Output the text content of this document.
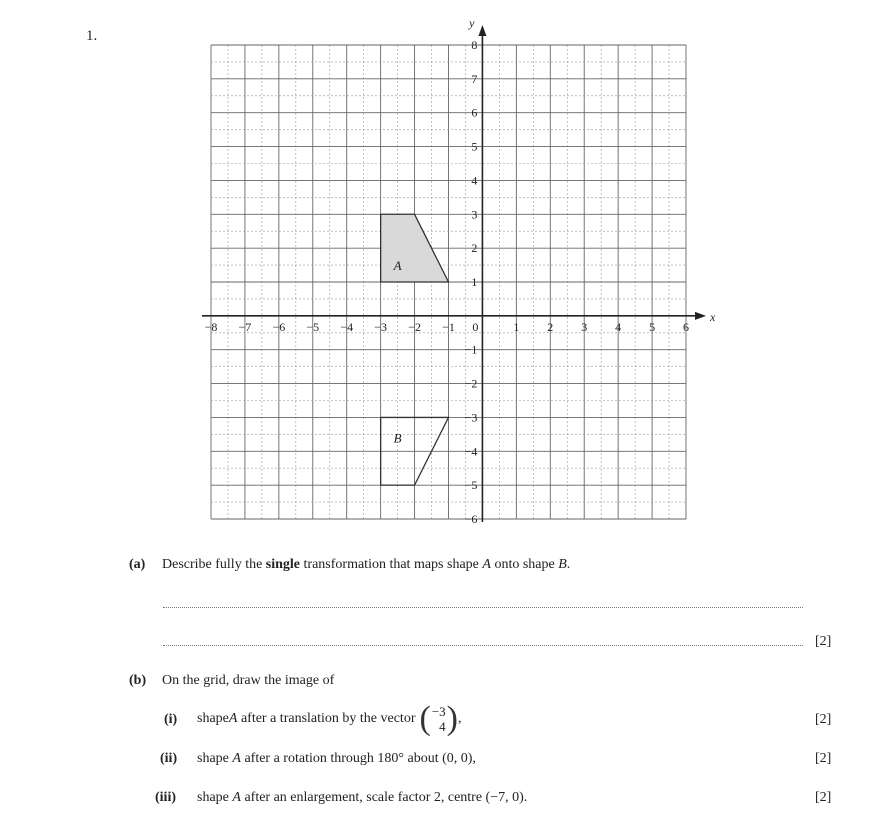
1.
A
B
−8 −7 −6 −5 −4 −3 −2 −1	1 2 3 4 5 6
8
7
6
5
4
3
2
1
−1
−2
−3
−4
−5
−6
0
x
y
(a) Describe fully the single transformation that maps shape A onto shape B.
[2]
(b) On the grid, draw the image of
(i) shape A
after a translation by the vector (−3
4) ,	[2]
(ii) shape A after a rotation through 180° about (0, 0),	[2]
(iii) shape A after an enlargement, scale factor 2, centre (−7, 0).	[2]
